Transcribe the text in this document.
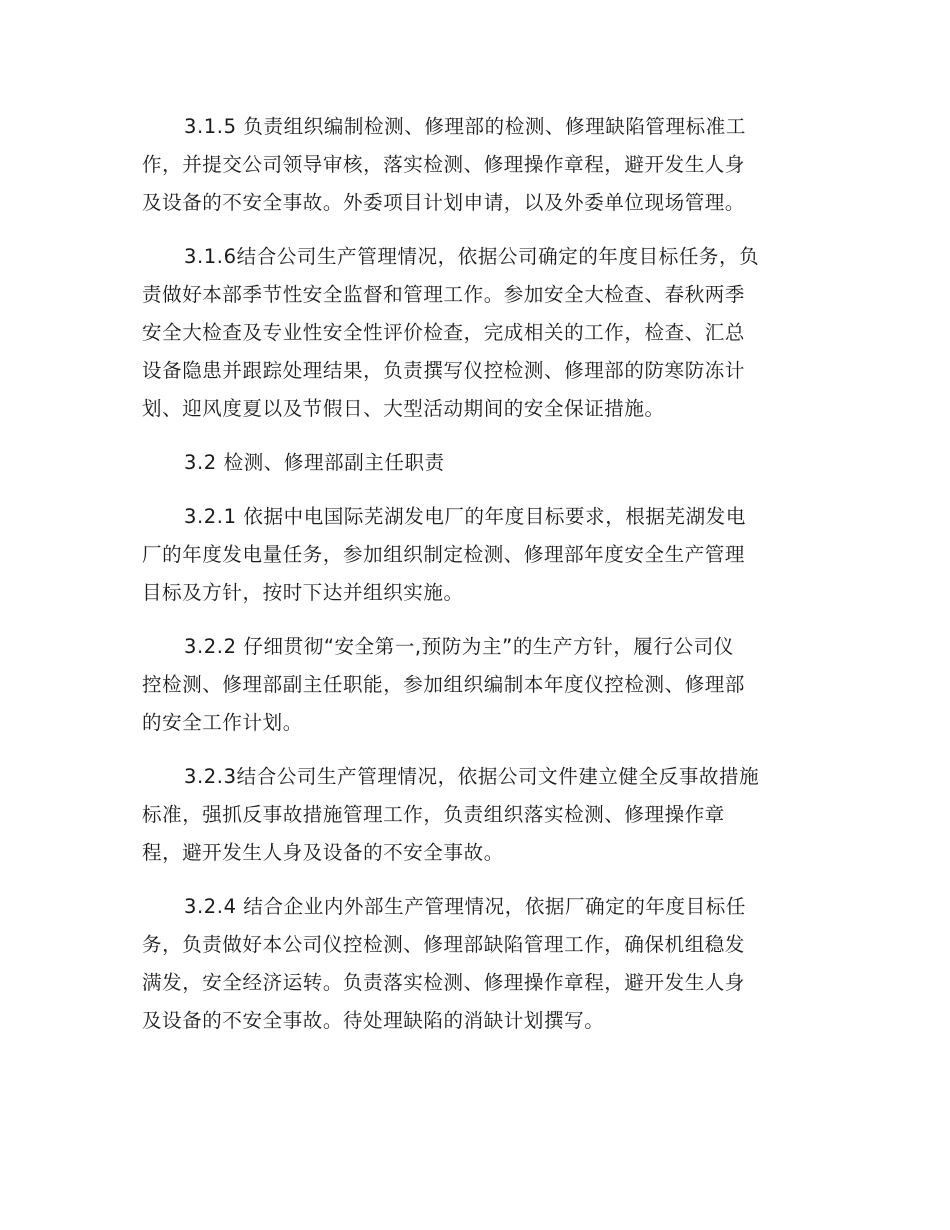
3.1.5 负责组织编制检测、修理部的检测、修理缺陷管理标准工
作，并提交公司领导审核，落实检测、修理操作章程，避开发生人身
及设备的不安全事故。外委项目计划申请，以及外委单位现场管理。

3.1.6结合公司生产管理情况，依据公司确定的年度目标任务，负
责做好本部季节性安全监督和管理工作。参加安全大检查、春秋两季
安全大检查及专业性安全性评价检查，完成相关的工作，检查、汇总
设备隐患并跟踪处理结果，负责撰写仪控检测、修理部的防寒防冻计
划、迎风度夏以及节假日、大型活动期间的安全保证措施。

3.2 检测、修理部副主任职责

3.2.1 依据中电国际芜湖发电厂的年度目标要求，根据芜湖发电
厂的年度发电量任务，参加组织制定检测、修理部年度安全生产管理
目标及方针，按时下达并组织实施。

3.2.2 仔细贯彻“安全第一,预防为主”的生产方针，履行公司仪
控检测、修理部副主任职能，参加组织编制本年度仪控检测、修理部
的安全工作计划。

3.2.3结合公司生产管理情况，依据公司文件建立健全反事故措施
标准，强抓反事故措施管理工作，负责组织落实检测、修理操作章
程，避开发生人身及设备的不安全事故。

3.2.4 结合企业内外部生产管理情况，依据厂确定的年度目标任
务，负责做好本公司仪控检测、修理部缺陷管理工作，确保机组稳发
满发，安全经济运转。负责落实检测、修理操作章程，避开发生人身
及设备的不安全事故。待处理缺陷的消缺计划撰写。
